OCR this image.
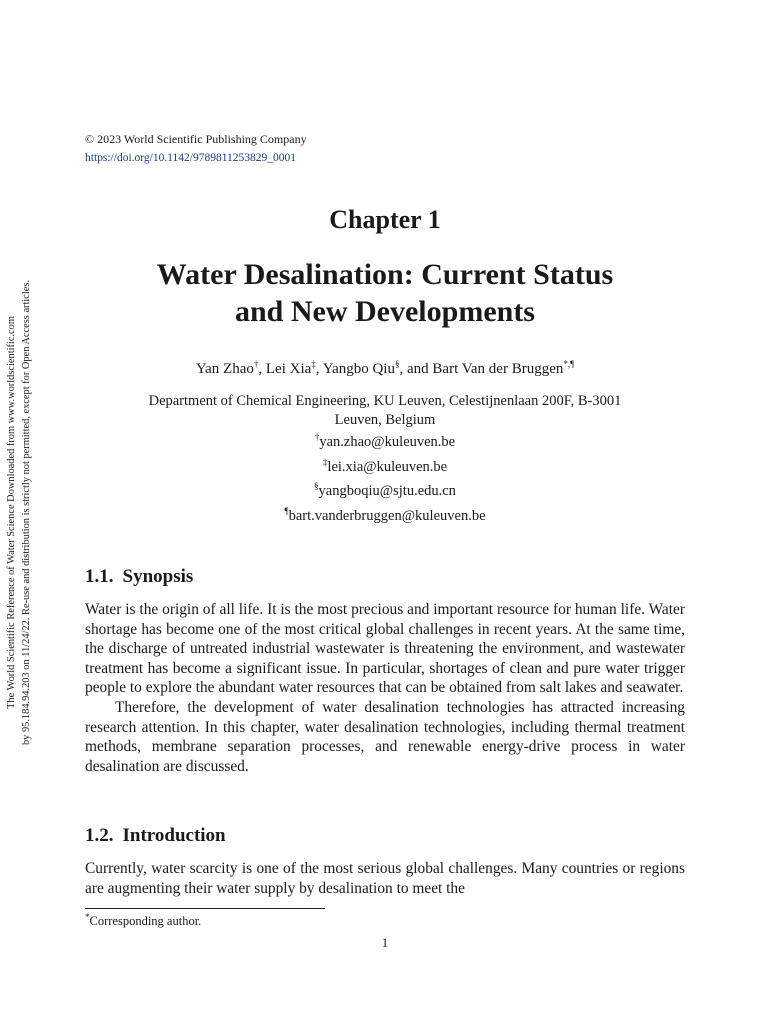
The World Scientific Reference of Water Science Downloaded from www.worldscientific.com by 95.184.94.203 on 11/24/22. Re-use and distribution is strictly not permitted, except for Open Access articles.
© 2023 World Scientific Publishing Company
https://doi.org/10.1142/9789811253829_0001
Chapter 1
Water Desalination: Current Status
and New Developments
Yan Zhao†, Lei Xia‡, Yangbo Qiu§, and Bart Van der Bruggen*,¶
Department of Chemical Engineering, KU Leuven, Celestijnenlaan 200F, B-3001
Leuven, Belgium
†yan.zhao@kuleuven.be
‡lei.xia@kuleuven.be
§yangboqiu@sjtu.edu.cn
¶bart.vanderbruggen@kuleuven.be
1.1. Synopsis

Water is the origin of all life. It is the most precious and important resource for human life. Water shortage has become one of the most critical global challenges in recent years. At the same time, the discharge of untreated industrial wastewater is threatening the environment, and wastewater treatment has become a significant issue. In particular, shortages of clean and pure water trigger people to explore the abundant water resources that can be obtained from salt lakes and seawater.

Therefore, the development of water desalination technologies has attracted increasing research attention. In this chapter, water desalination technologies, including thermal treatment methods, membrane separation processes, and renewable energy-drive process in water desalination are discussed.

1.2. Introduction

Currently, water scarcity is one of the most serious global challenges. Many countries or regions are augmenting their water supply by desalination to meet the

*Corresponding author.
1
